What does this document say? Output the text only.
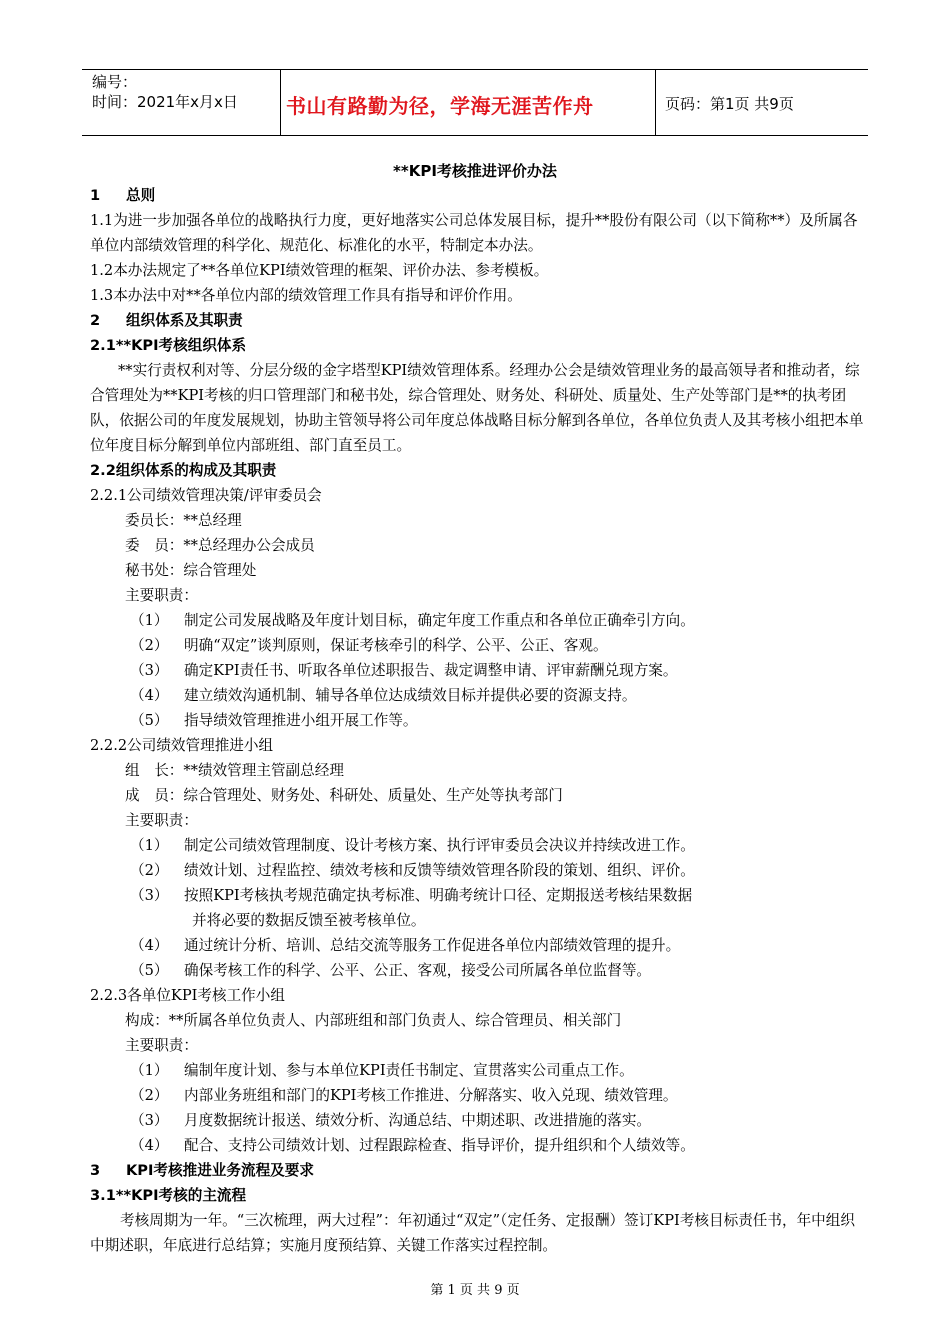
编号：
时间：2021年x月x日 书山有路勤为径，学海无涯苦作舟	页码：第1页 共9页
**KPI考核推进评价办法

1 总则

1.1为进一步加强各单位的战略执行力度，更好地落实公司总体发展目标，提升**股份有限公司（以下简称**）及所属各单位内部绩效管理的科学化、规范化、标准化的水平，特制定本办法。

1.2本办法规定了**各单位KPI绩效管理的框架、评价办法、参考模板。

1.3本办法中对**各单位内部的绩效管理工作具有指导和评价作用。

2 组织体系及其职责

2.1**KPI考核组织体系

**实行责权利对等、分层分级的金字塔型KPI绩效管理体系。经理办公会是绩效管理业务的最高领导者和推动者，综合管理处为**KPI考核的归口管理部门和秘书处，综合管理处、财务处、科研处、质量处、生产处等部门是**的执考团队，依据公司的年度发展规划，协助主管领导将公司年度总体战略目标分解到各单位，各单位负责人及其考核小组把本单位年度目标分解到单位内部班组、部门直至员工。

2.2组织体系的构成及其职责

2.2.1公司绩效管理决策/评审委员会

委员长：**总经理

委　员：**总经理办公会成员

秘书处：综合管理处

主要职责：

（1） 制定公司发展战略及年度计划目标，确定年度工作重点和各单位正确牵引方向。

（2） 明确“双定”谈判原则，保证考核牵引的科学、公平、公正、客观。

（3） 确定KPI责任书、听取各单位述职报告、裁定调整申请、评审薪酬兑现方案。

（4） 建立绩效沟通机制、辅导各单位达成绩效目标并提供必要的资源支持。

（5） 指导绩效管理推进小组开展工作等。

2.2.2公司绩效管理推进小组

组　长：**绩效管理主管副总经理

成　员：综合管理处、财务处、科研处、质量处、生产处等执考部门

主要职责：

（1） 制定公司绩效管理制度、设计考核方案、执行评审委员会决议并持续改进工作。

（2） 绩效计划、过程监控、绩效考核和反馈等绩效管理各阶段的策划、组织、评价。

（3） 按照KPI考核执考规范确定执考标准、明确考统计口径、定期报送考核结果数据

并将必要的数据反馈至被考核单位。

（4） 通过统计分析、培训、总结交流等服务工作促进各单位内部绩效管理的提升。

（5） 确保考核工作的科学、公平、公正、客观，接受公司所属各单位监督等。

2.2.3各单位KPI考核工作小组

构成：**所属各单位负责人、内部班组和部门负责人、综合管理员、相关部门

主要职责：

（1） 编制年度计划、参与本单位KPI责任书制定、宣贯落实公司重点工作。

（2） 内部业务班组和部门的KPI考核工作推进、分解落实、收入兑现、绩效管理。

（3） 月度数据统计报送、绩效分析、沟通总结、中期述职、改进措施的落实。

（4） 配合、支持公司绩效计划、过程跟踪检查、指导评价，提升组织和个人绩效等。

3 KPI考核推进业务流程及要求

3.1**KPI考核的主流程

考核周期为一年。“三次梳理，两大过程”：年初通过“双定”（定任务、定报酬）签订KPI考核目标责任书，年中组织中期述职，年底进行总结算；实施月度预结算、关键工作落实过程控制。

第 1 页 共 9 页
